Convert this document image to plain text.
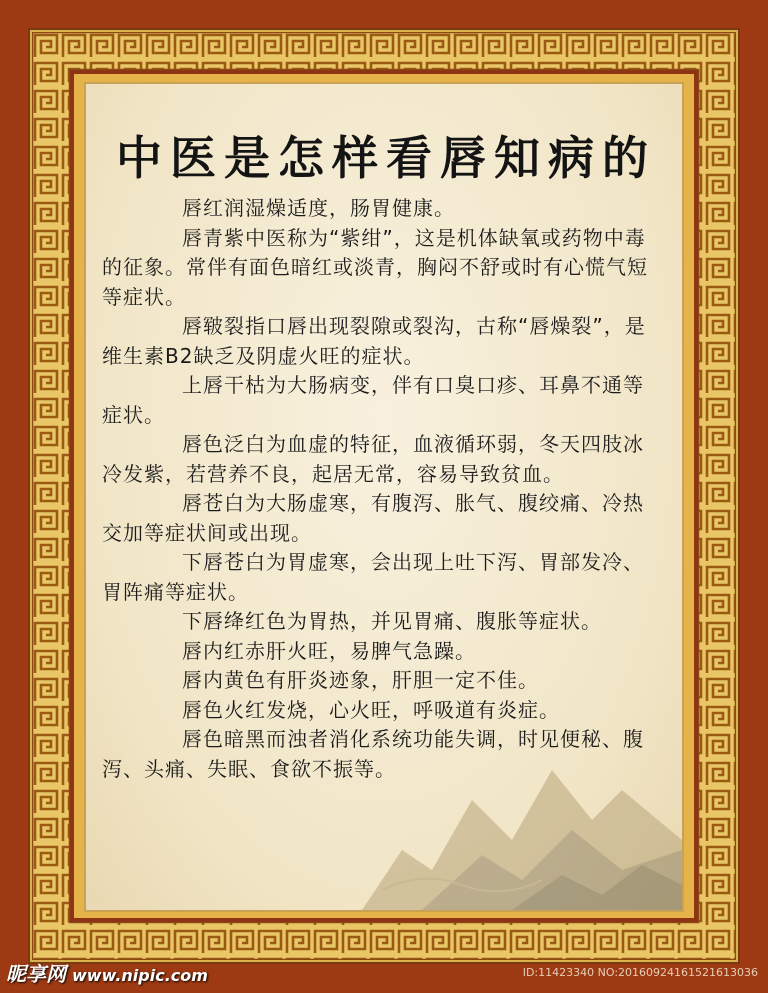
中医是怎样看唇知病的

唇红润湿燥适度，肠胃健康。

唇青紫中医称为“紫绀”，这是机体缺氧或药物中毒的征象。常伴有面色暗红或淡青，胸闷不舒或时有心慌气短等症状。

唇皲裂指口唇出现裂隙或裂沟，古称“唇燥裂”，是维生素B2缺乏及阴虚火旺的症状。

上唇干枯为大肠病变，伴有口臭口疹、耳鼻不通等症状。

唇色泛白为血虚的特征，血液循环弱，冬天四肢冰冷发紫，若营养不良，起居无常，容易导致贫血。

唇苍白为大肠虚寒，有腹泻、胀气、腹绞痛、冷热交加等症状间或出现。

下唇苍白为胃虚寒，会出现上吐下泻、胃部发冷、胃阵痛等症状。

下唇绛红色为胃热，并见胃痛、腹胀等症状。

唇内红赤肝火旺，易脾气急躁。

唇内黄色有肝炎迹象，肝胆一定不佳。

唇色火红发烧，心火旺，呼吸道有炎症。

唇色暗黑而浊者消化系统功能失调，时见便秘、腹泻、头痛、失眠、食欲不振等。

昵享网 www.nipic.com	ID:11423340 NO:20160924161521613036
